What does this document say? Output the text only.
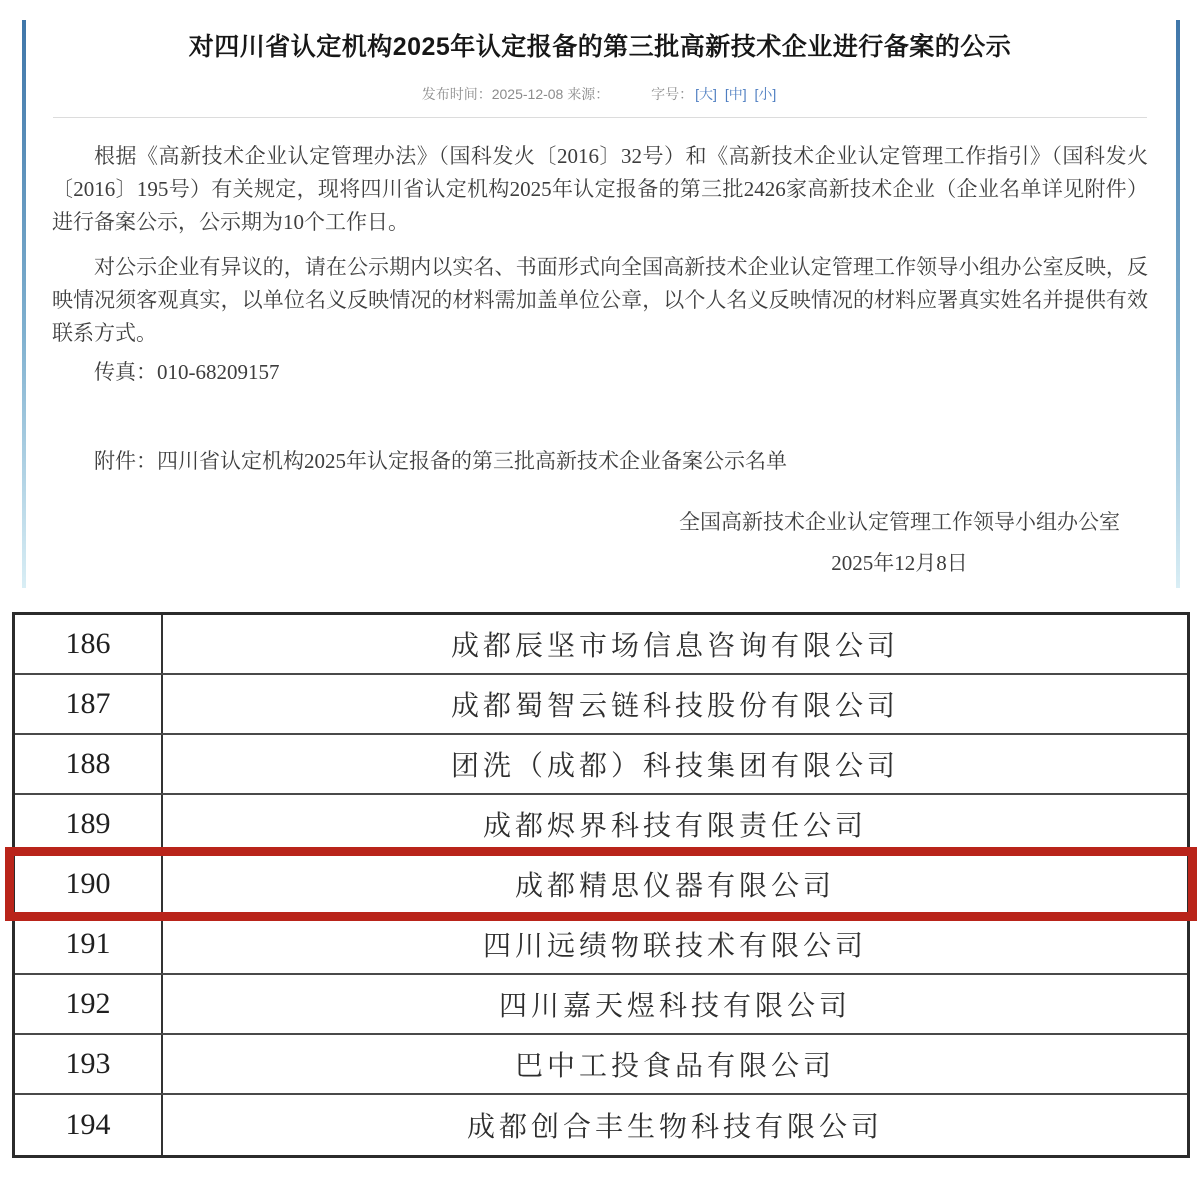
对四川省认定机构2025年认定报备的第三批高新技术企业进行备案的公示
发布时间：2025-12-08 来源：	字号： [大] [中] [小]

根据《高新技术企业认定管理办法》（国科发火〔2016〕32号）和《高新技术企业认定管理工作指引》（国科发火〔2016〕195号）有关规定，现将四川省认定机构2025年认定报备的第三批2426家高新技术企业（企业名单详见附件）进行备案公示，公示期为10个工作日。

对公示企业有异议的，请在公示期内以实名、书面形式向全国高新技术企业认定管理工作领导小组办公室反映，反映情况须客观真实，以单位名义反映情况的材料需加盖单位公章，以个人名义反映情况的材料应署真实姓名并提供有效联系方式。

传真：010-68209157

附件：四川省认定机构2025年认定报备的第三批高新技术企业备案公示名单

全国高新技术企业认定管理工作领导小组办公室

2025年12月8日

186	成都辰坚市场信息咨询有限公司
187	成都蜀智云链科技股份有限公司
188	团洗（成都）科技集团有限公司
189	成都烬界科技有限责任公司
190	成都精思仪器有限公司
191	四川远绩物联技术有限公司
192	四川嘉天煜科技有限公司
193	巴中工投食品有限公司
194	成都创合丰生物科技有限公司
